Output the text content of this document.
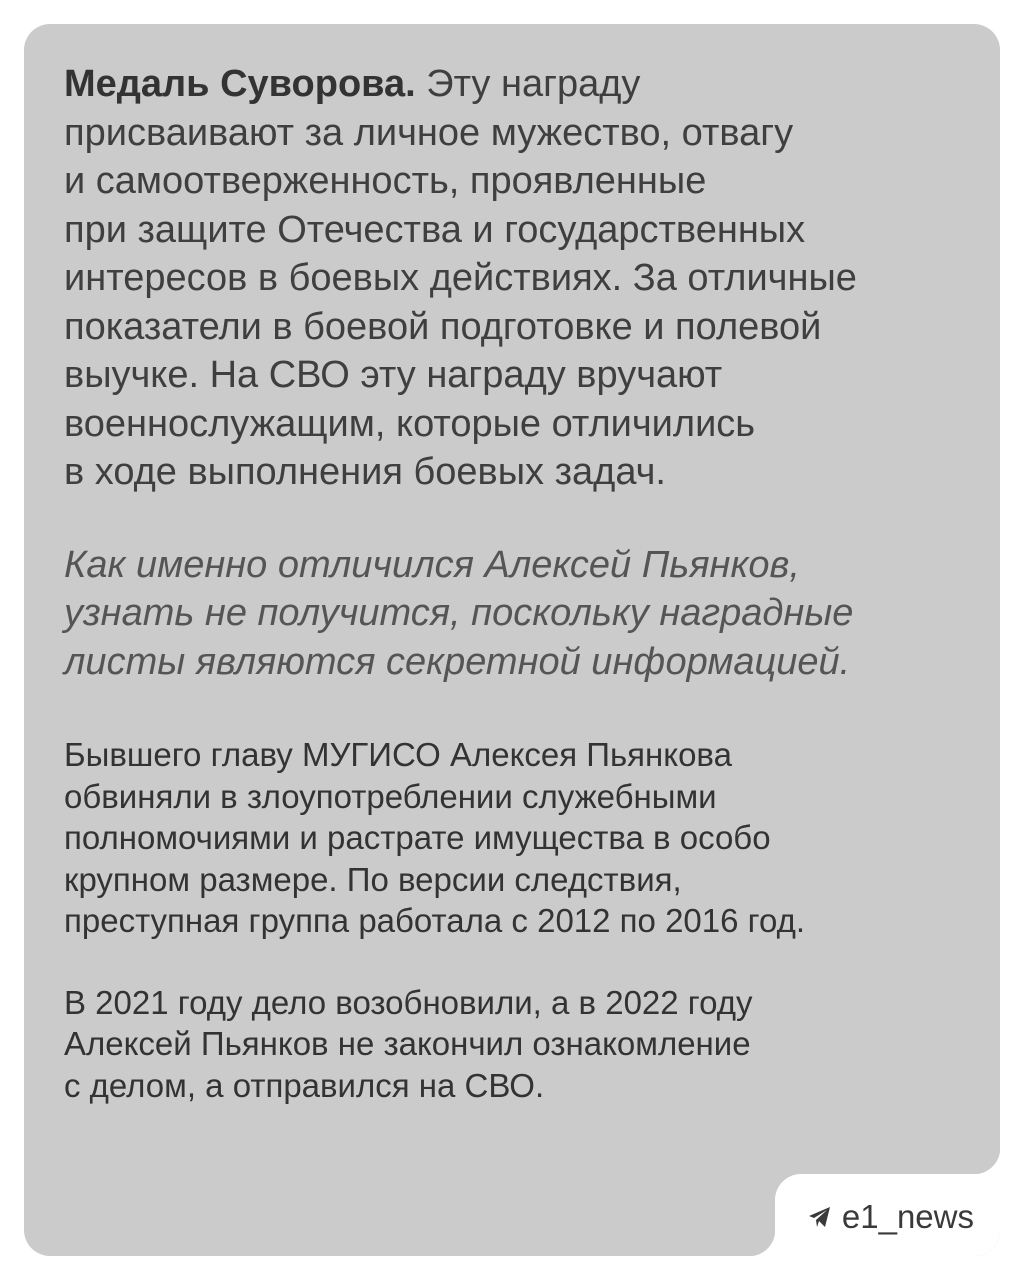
Медаль Суворова. Эту награду
присваивают за личное мужество, отвагу
и самоотверженность, проявленные
при защите Отечества и государственных
интересов в боевых действиях. За отличные
показатели в боевой подготовке и полевой
выучке. На СВО эту награду вручают
военнослужащим, которые отличились
в ходе выполнения боевых задач.

Как именно отличился Алексей Пьянков,
узнать не получится, поскольку наградные
листы являются секретной информацией.

Бывшего главу МУГИСО Алексея Пьянкова
обвиняли в злоупотреблении служебными
полномочиями и растрате имущества в особо
крупном размере. По версии следствия,
преступная группа работала с 2012 по 2016 год.

В 2021 году дело возобновили, а в 2022 году
Алексей Пьянков не закончил ознакомление
с делом, а отправился на СВО.

e1_news
